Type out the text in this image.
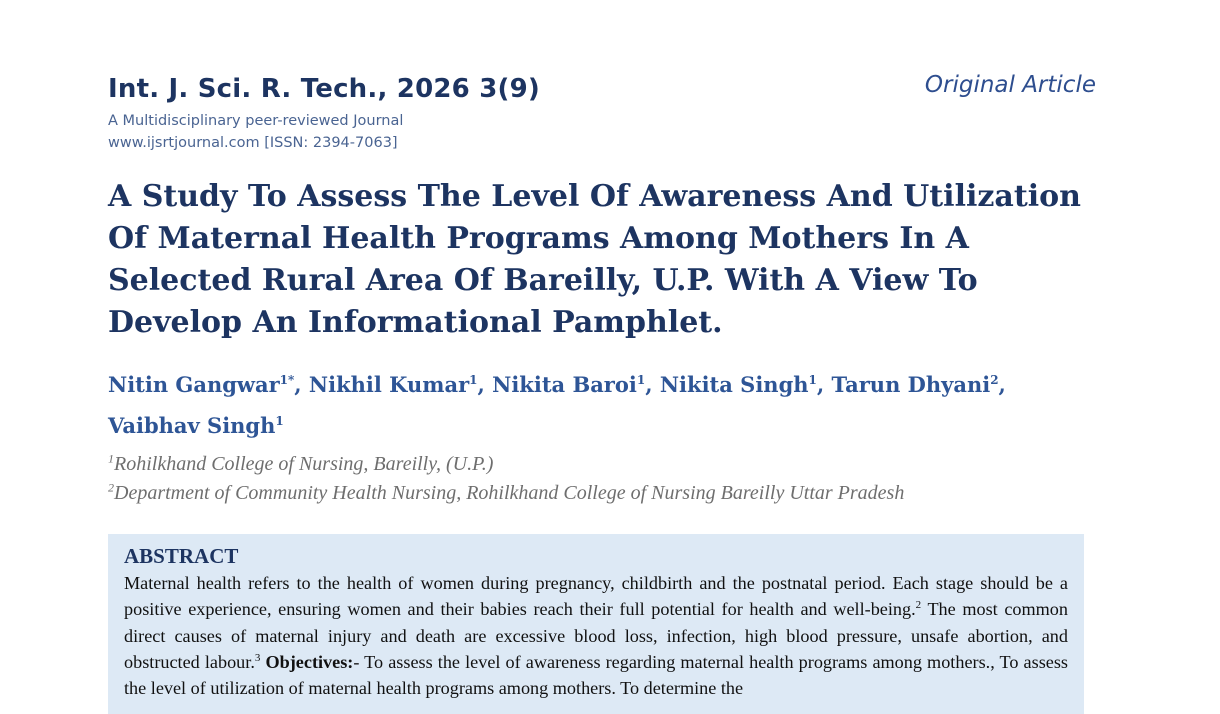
Int. J. Sci. R. Tech., 2026 3(9)	Original Article
A Multidisciplinary peer-reviewed Journal
www.ijsrtjournal.com [ISSN: 2394-7063]
A Study To Assess The Level Of Awareness And Utilization Of Maternal Health Programs Among Mothers In A Selected Rural Area Of Bareilly, U.P. With A View To Develop An Informational Pamphlet.
Nitin Gangwar$^{1*}$, Nikhil Kumar$^1$, Nikita Baroi$^1$, Nikita Singh$^1$, Tarun Dhyani$^2$,
Vaibhav Singh$^1$
$^1$Rohilkhand College of Nursing, Bareilly, (U.P.)
$^2$Department of Community Health Nursing, Rohilkhand College of Nursing Bareilly Uttar Pradesh
ABSTRACT

Maternal health refers to the health of women during pregnancy, childbirth and the postnatal period. Each stage should be a positive experience, ensuring women and their babies reach their full potential for health and well-being.$^2$ The most common direct causes of maternal injury and death are excessive blood loss, infection, high blood pressure, unsafe abortion, and obstructed labour.$^3$ Objectives:- To assess the level of awareness regarding maternal health programs among mothers., To assess the level of utilization of maternal health programs among mothers. To determine the
